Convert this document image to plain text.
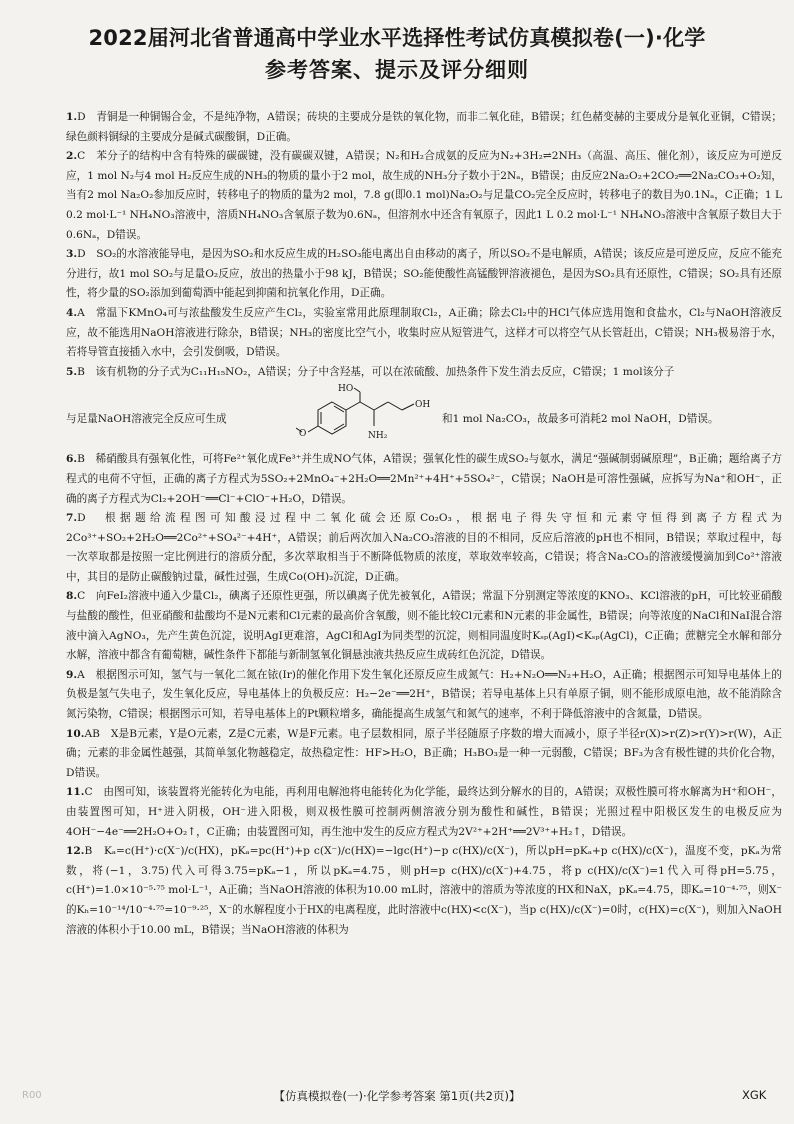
2022届河北省普通高中学业水平选择性考试仿真模拟卷(一)·化学
参考答案、提示及评分细则

1.D　青铜是一种铜锡合金，不是纯净物，A错误；砖块的主要成分是铁的氧化物，而非二氧化硅，B错误；红色赭变赫的主要成分是氧化亚铜，C错误；绿色颜料铜绿的主要成分是碱式碳酸铜，D正确。

2.C　苯分子的结构中含有特殊的碳碳键，没有碳碳双键，A错误；N₂和H₂合成氨的反应为N₂+3H₂⇌2NH₃（高温、高压、催化剂），该反应为可逆反应，1 mol N₂与4 mol H₂反应生成的NH₃的物质的量小于2 mol，故生成的NH₃分子数小于2Nₐ，B错误；由反应2Na₂O₂+2CO₂══2Na₂CO₃+O₂知，当有2 mol Na₂O₂参加反应时，转移电子的物质的量为2 mol，7.8 g(即0.1 mol)Na₂O₂与足量CO₂完全反应时，转移电子的数目为0.1Nₐ，C正确；1 L 0.2 mol·L⁻¹ NH₄NO₃溶液中，溶质NH₄NO₃含氧原子数为0.6Nₐ，但溶剂水中还含有氧原子，因此1 L 0.2 mol·L⁻¹ NH₄NO₃溶液中含氧原子数目大于0.6Nₐ，D错误。

3.D　SO₂的水溶液能导电，是因为SO₂和水反应生成的H₂SO₃能电离出自由移动的离子，所以SO₂不是电解质，A错误；该反应是可逆反应，反应不能充分进行，故1 mol SO₂与足量O₂反应，放出的热量小于98 kJ，B错误；SO₂能使酸性高锰酸钾溶液褪色，是因为SO₂具有还原性，C错误；SO₂具有还原性，将少量的SO₂添加到葡萄酒中能起到抑菌和抗氧化作用，D正确。

4.A　常温下KMnO₄可与浓盐酸发生反应产生Cl₂，实验室常用此原理制取Cl₂，A正确；除去Cl₂中的HCl气体应选用饱和食盐水，Cl₂与NaOH溶液反应，故不能选用NaOH溶液进行除杂，B错误；NH₃的密度比空气小，收集时应从短管进气，这样才可以将空气从长管赶出，C错误；NH₃极易溶于水，若将导管直接插入水中，会引发倒吸，D错误。

5.B　该有机物的分子式为C₁₁H₁₅NO₂，A错误；分子中含羟基，可以在浓硫酸、加热条件下发生消去反应，C错误；1 mol该分子

与足量NaOH溶液完全反应可生成
O
HO
OH
NH₂
和1 mol Na₂CO₃，故最多可消耗2 mol NaOH，D错误。

6.B　稀硝酸具有强氧化性，可将Fe²⁺氧化成Fe³⁺并生成NO气体，A错误；强氧化性的碳生成SO₂与氨水，满足“强碱制弱碱原理”，B正确；题给离子方程式的电荷不守恒，正确的离子方程式为5SO₂+2MnO₄⁻+2H₂O══2Mn²⁺+4H⁺+5SO₄²⁻，C错误；NaOH是可溶性强碱，应拆写为Na⁺和OH⁻，正确的离子方程式为Cl₂+2OH⁻══Cl⁻+ClO⁻+H₂O，D错误。

7.D　根据题给流程图可知酸浸过程中二氧化硫会还原Co₂O₃，根据电子得失守恒和元素守恒得到离子方程式为2Co³⁺+SO₂+2H₂O══2Co²⁺+SO₄²⁻+4H⁺，A错误；前后两次加入Na₂CO₃溶液的目的不相同，反应后溶液的pH也不相同，B错误；萃取过程中，每一次萃取都是按照一定比例进行的溶质分配，多次萃取相当于不断降低物质的浓度，萃取效率较高，C错误；将含Na₂CO₃的溶液缓慢滴加到Co²⁺溶液中，其目的是防止碳酸钠过量，碱性过强，生成Co(OH)₂沉淀，D正确。

8.C　向FeI₂溶液中通入少量Cl₂，碘离子还原性更强，所以碘离子优先被氧化，A错误；常温下分别测定等浓度的KNO₃、KCl溶液的pH，可比较亚硝酸与盐酸的酸性，但亚硝酸和盐酸均不是N元素和Cl元素的最高价含氧酸，则不能比较Cl元素和N元素的非金属性，B错误；向等浓度的NaCl和NaI混合溶液中滴入AgNO₃，先产生黄色沉淀，说明AgI更难溶，AgCl和AgI为同类型的沉淀，则相同温度时Kₛₚ(AgI)<Kₛₚ(AgCl)，C正确；蔗糖完全水解和部分水解，溶液中都含有葡萄糖，碱性条件下都能与新制氢氧化铜悬浊液共热反应生成砖红色沉淀，D错误。

9.A　根据图示可知，氢气与一氧化二氮在铱(Ir)的催化作用下发生氧化还原反应生成氮气：H₂+N₂O══N₂+H₂O，A正确；根据图示可知导电基体上的负极是氢气失电子，发生氧化反应，导电基体上的负极反应：H₂−2e⁻══2H⁺，B错误；若导电基体上只有单原子铜，则不能形成原电池，故不能消除含氮污染物，C错误；根据图示可知，若导电基体上的Pt颗粒增多，确能提高生成氢气和氮气的速率，不利于降低溶液中的含氮量，D错误。

10.AB　X是B元素，Y是O元素，Z是C元素，W是F元素。电子层数相同，原子半径随原子序数的增大而减小，原子半径r(X)>r(Z)>r(Y)>r(W)，A正确；元素的非金属性越强，其简单氢化物越稳定，故热稳定性：HF>H₂O，B正确；H₃BO₃是一种一元弱酸，C错误；BF₃为含有极性键的共价化合物，D错误。

11.C　由图可知，该装置将光能转化为电能，再利用电解池将电能转化为化学能，最终达到分解水的目的，A错误；双极性膜可将水解离为H⁺和OH⁻，由装置图可知，H⁺进入阴极，OH⁻进入阳极，则双极性膜可控制两侧溶液分别为酸性和碱性，B错误；光照过程中阳极区发生的电极反应为4OH⁻−4e⁻══2H₂O+O₂↑，C正确；由装置图可知，再生池中发生的反应方程式为2V²⁺+2H⁺══2V³⁺+H₂↑，D错误。

12.B　Kₐ=c(H⁺)·c(X⁻)/c(HX)，pKₐ=pc(H⁺)+p c(X⁻)/c(HX)=−lgc(H⁺)−p c(HX)/c(X⁻)，所以pH=pKₐ+p c(HX)/c(X⁻)，温度不变，pKₐ为常数，将(−1，3.75)代入可得3.75=pKₐ−1，所以pKₐ=4.75，则pH=p c(HX)/c(X⁻)+4.75，将p c(HX)/c(X⁻)=1代入可得pH=5.75，c(H⁺)=1.0×10⁻⁵·⁷⁵ mol·L⁻¹，A正确；当NaOH溶液的体积为10.00 mL时，溶液中的溶质为等浓度的HX和NaX，pKₐ=4.75，即Kₐ=10⁻⁴·⁷⁵，则X⁻的Kₕ=10⁻¹⁴/10⁻⁴·⁷⁵=10⁻⁹·²⁵，X⁻的水解程度小于HX的电离程度，此时溶液中c(HX)<c(X⁻)，当p c(HX)/c(X⁻)=0时，c(HX)=c(X⁻)，则加入NaOH溶液的体积小于10.00 mL，B错误；当NaOH溶液的体积为

R00	【仿真模拟卷(一)·化学参考答案 第1页(共2页)】	XGK
